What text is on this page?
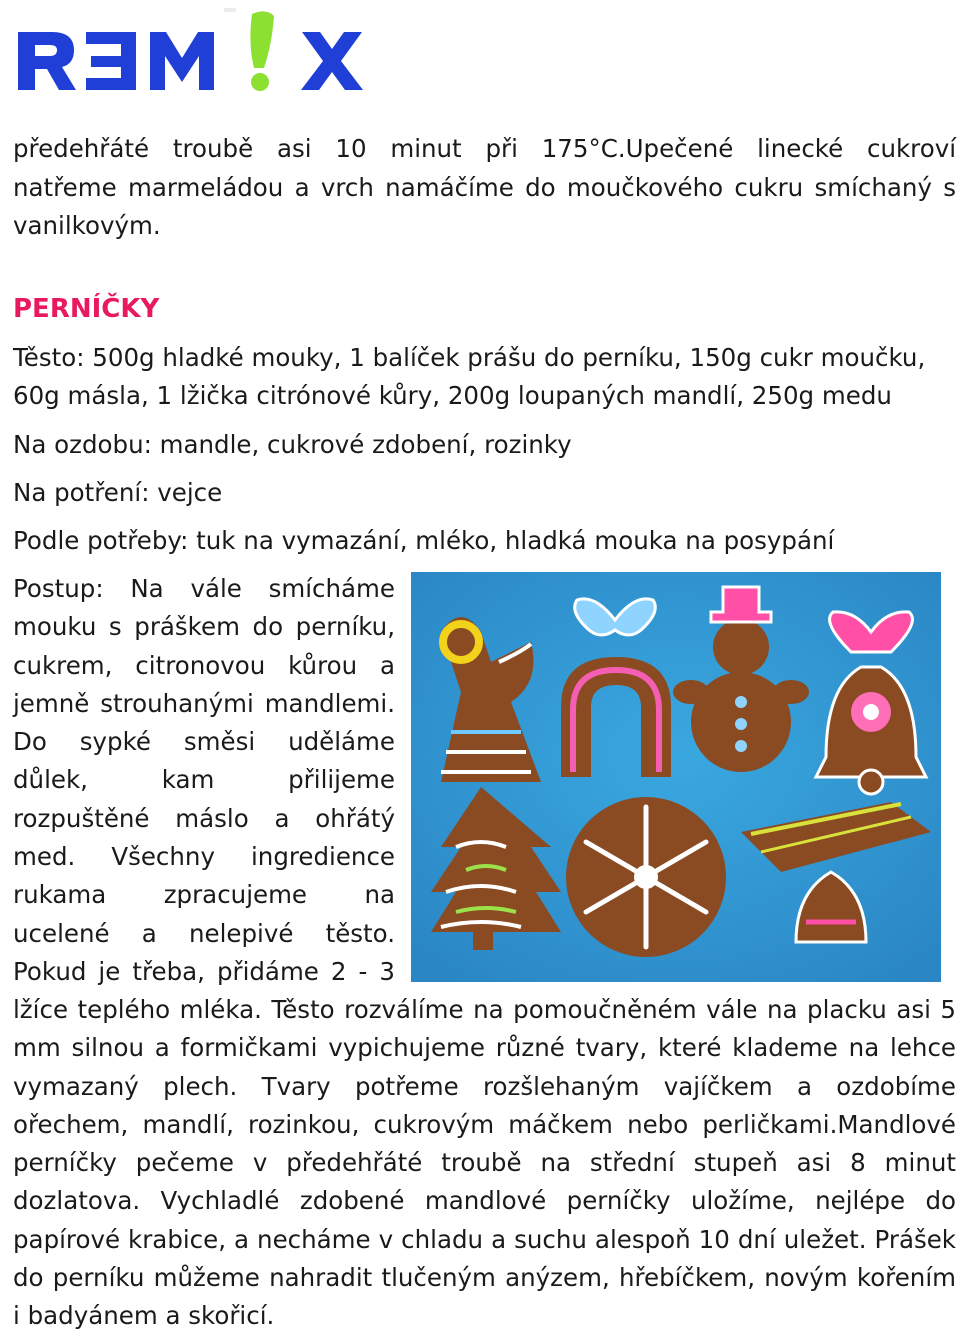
předehřáté troubě asi 10 minut při 175°C.Upečené linecké cukroví
natřeme marmeládou a vrch namáčíme do moučkového cukru smíchaný s
vanilkovým.
PERNÍČKY
Těsto: 500g hladké mouky, 1 balíček prášu do perníku, 150g cukr moučku,
60g másla, 1 lžička citrónové kůry, 200g loupaných mandlí, 250g medu
Na ozdobu: mandle, cukrové zdobení, rozinky
Na potření: vejce
Podle potřeby: tuk na vymazání, mléko, hladká mouka na posypání
Postup: Na vále smícháme
mouku s práškem do perníku,
cukrem, citronovou kůrou a
jemně strouhanými mandlemi.
Do sypké směsi uděláme
důlek, kam přilijeme
rozpuštěné máslo a ohřátý
med. Všechny ingredience
rukama zpracujeme na
ucelené a nelepivé těsto.
Pokud je třeba, přidáme 2 - 3
lžíce teplého mléka. Těsto rozválíme na pomoučněném vále na placku asi 5
mm silnou a formičkami vypichujeme různé tvary, které klademe na lehce
vymazaný plech. Tvary potřeme rozšlehaným vajíčkem a ozdobíme
ořechem, mandlí, rozinkou, cukrovým máčkem nebo perličkami.Mandlové
perníčky pečeme v předehřáté troubě na střední stupeň asi 8 minut
dozlatova. Vychladlé zdobené mandlové perníčky uložíme, nejlépe do
papírové krabice, a necháme v chladu a suchu alespoň 10 dní uležet. Prášek
do perníku můžeme nahradit tlučeným anýzem, hřebíčkem, novým kořením
i badyánem a skořicí.
